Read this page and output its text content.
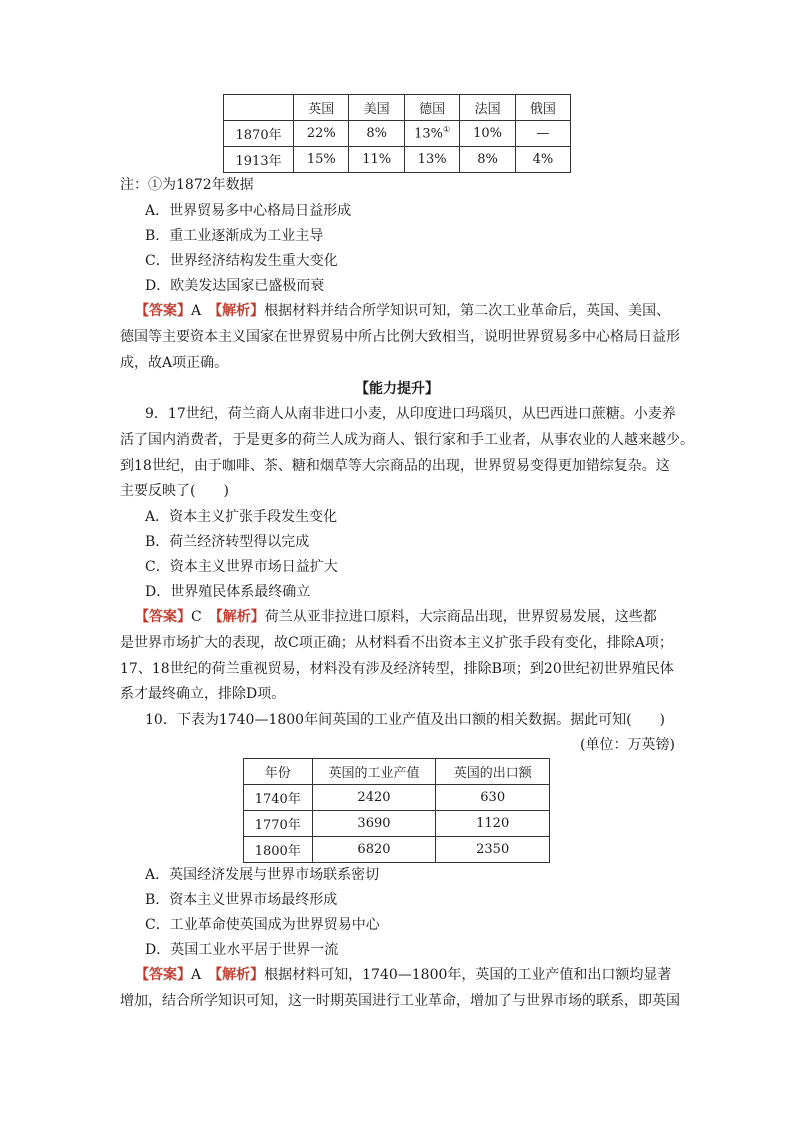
	英国	美国	德国	法国	俄国
1870年	22%	8%	13%①	10%	—
1913年	15%	11%	13%	8%	4%
注：①为1872年数据
A．世界贸易多中心格局日益形成
B．重工业逐渐成为工业主导
C．世界经济结构发生重大变化
D．欧美发达国家已盛极而衰
【答案】A　 【解析】根据材料并结合所学知识可知，第二次工业革命后，英国、美国、
德国等主要资本主义国家在世界贸易中所占比例大致相当，说明世界贸易多中心格局日益形
成，故A项正确。
【能力提升】
9．17世纪，荷兰商人从南非进口小麦，从印度进口玛瑙贝，从巴西进口蔗糖。小麦养
活了国内消费者，于是更多的荷兰人成为商人、银行家和手工业者，从事农业的人越来越少。
到18世纪，由于咖啡、茶、糖和烟草等大宗商品的出现，世界贸易变得更加错综复杂。这
主要反映了(　　)
A．资本主义扩张手段发生变化
B．荷兰经济转型得以完成
C．资本主义世界市场日益扩大
D．世界殖民体系最终确立
【答案】C　 【解析】荷兰从亚非拉进口原料，大宗商品出现，世界贸易发展，这些都
是世界市场扩大的表现，故C项正确；从材料看不出资本主义扩张手段有变化，排除A项；
17、18世纪的荷兰重视贸易，材料没有涉及经济转型，排除B项；到20世纪初世界殖民体
系才最终确立，排除D项。
10．下表为1740—1800年间英国的工业产值及出口额的相关数据。据此可知(　　)
(单位：万英镑)
年份	英国的工业产值	英国的出口额
1740年	2420	630
1770年	3690	1120
1800年	6820	2350
A．英国经济发展与世界市场联系密切
B．资本主义世界市场最终形成
C．工业革命使英国成为世界贸易中心
D．英国工业水平居于世界一流
【答案】A　 【解析】根据材料可知，1740—1800年，英国的工业产值和出口额均显著
增加，结合所学知识可知，这一时期英国进行工业革命，增加了与世界市场的联系，即英国
